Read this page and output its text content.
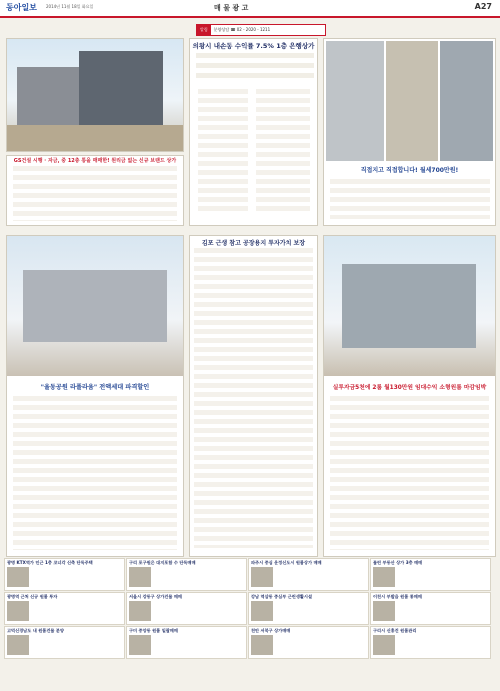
동아일보 2014년 11월 18일 화요일	매 물 광 고	A27
알림	분양상담 ☎ 02 - 2020 - 1211
의왕시 내손동 수익률 7.5% 1층 은행상가
직접지고 직접합니다! 월세700만원!
GS건설 시행 · 자금, 중 12층 통을 매매한! 원리금 없는 신규 브랜드 상가
"율동공원 라폴라움" 전액세대 파격할인
김포 근생 참고 공장용지 투자가치 보장
실투자금5천에 2룸 월130만원 임대수익 소형원룸 마감임박
광명 KTX역가 인근 1층 코너각 신축 단독주택	구리 포구원은 대지포함 수 단독매매	파주시 중심 운정신도시 원룸상가 매매	물린 부동산 상가 3층 매매
광명역 근처 신규 원룸 투자	서울시 강동구 상가건물 매매	강남 역삼동 중심부 근린생활시설	이천시 부발읍 원룸 통매매
고덕신경남도 내 원룸건물 분양	구미 중앙동 원룸 일괄매매	천안 서북구 상가매매	구리시 신흥건 원룸관리
